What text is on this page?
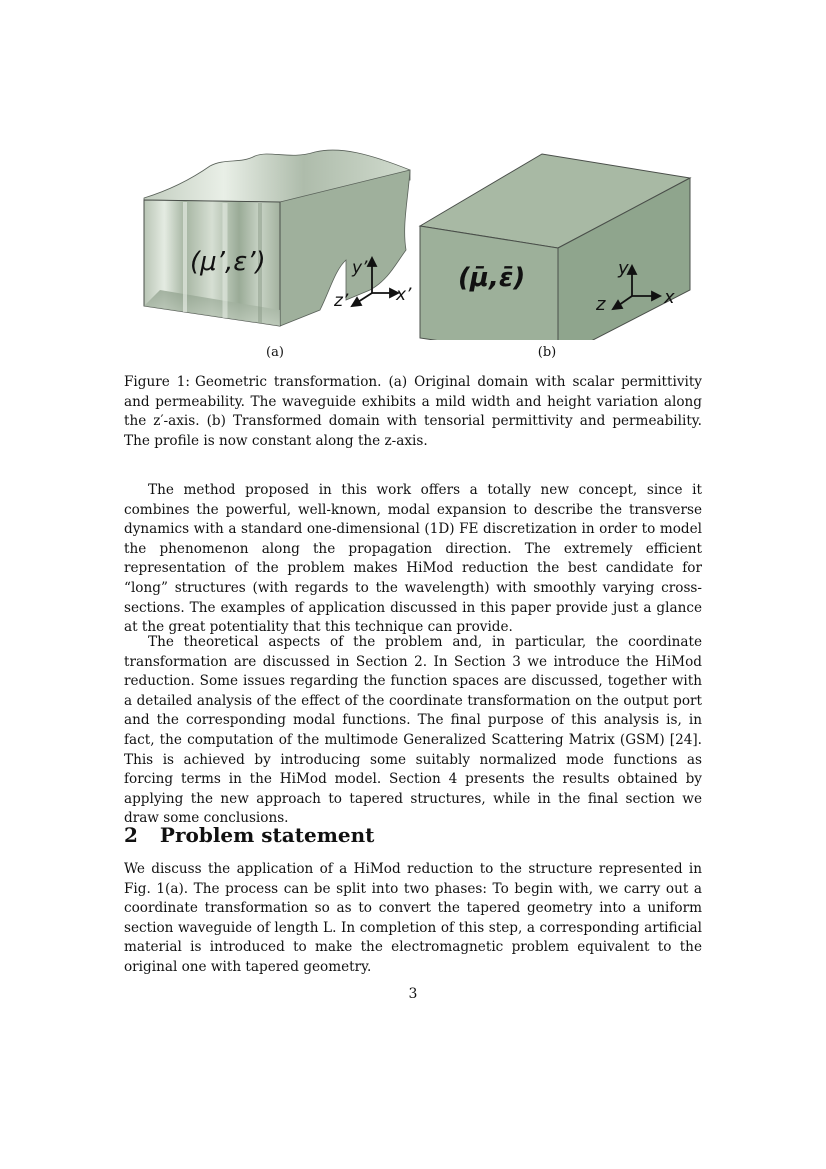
(μ’,ε’)	y’
x’
z’
(μ̄,ε̄)	y
x
z
(a)	(b)
Figure 1: Geometric transformation. (a) Original domain with scalar permittivity and permeability. The waveguide exhibits a mild width and height variation along the z′-axis. (b) Transformed domain with tensorial permittivity and permeability. The profile is now constant along the z-axis.

The method proposed in this work offers a totally new concept, since it combines the powerful, well-known, modal expansion to describe the transverse dynamics with a standard one-dimensional (1D) FE discretization in order to model the phenomenon along the propagation direction. The extremely efficient representation of the problem makes HiMod reduction the best candidate for “long” structures (with regards to the wavelength) with smoothly varying cross-sections. The examples of application discussed in this paper provide just a glance at the great potentiality that this technique can provide.

The theoretical aspects of the problem and, in particular, the coordinate transformation are discussed in Section 2. In Section 3 we introduce the HiMod reduction. Some issues regarding the function spaces are discussed, together with a detailed analysis of the effect of the coordinate transformation on the output port and the corresponding modal functions. The final purpose of this analysis is, in fact, the computation of the multimode Generalized Scattering Matrix (GSM) [24]. This is achieved by introducing some suitably normalized mode functions as forcing terms in the HiMod model. Section 4 presents the results obtained by applying the new approach to tapered structures, while in the final section we draw some conclusions.

2 Problem statement

We discuss the application of a HiMod reduction to the structure represented in Fig. 1(a). The process can be split into two phases: To begin with, we carry out a coordinate transformation so as to convert the tapered geometry into a uniform section waveguide of length L. In completion of this step, a corresponding artificial material is introduced to make the electromagnetic problem equivalent to the original one with tapered geometry.

3
